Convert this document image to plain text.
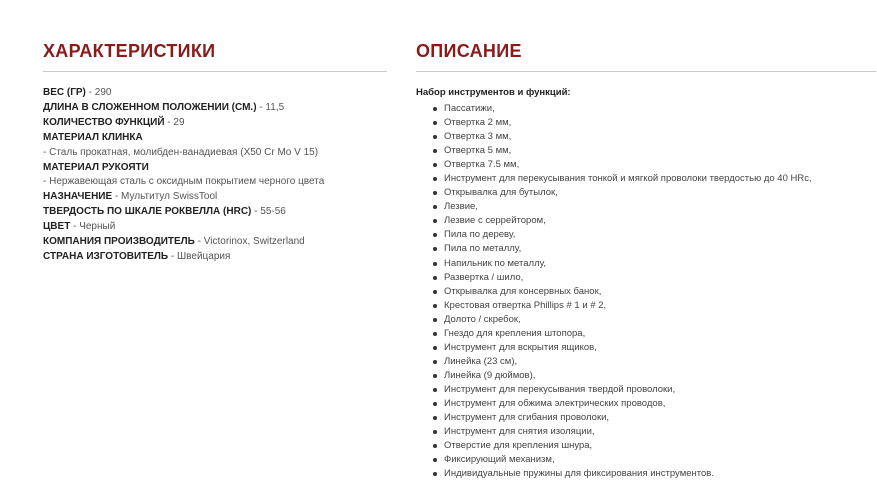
ХАРАКТЕРИСТИКИ
ВЕС (ГР) - 290
ДЛИНА В СЛОЖЕННОМ ПОЛОЖЕНИИ (СМ.) - 11,5
КОЛИЧЕСТВО ФУНКЦИЙ - 29
МАТЕРИАЛ КЛИНКА
- Сталь прокатная, молибден-ванадиевая (X50 Cr Mo V 15)
МАТЕРИАЛ РУКОЯТИ
- Нержавеющая сталь с оксидным покрытием черного цвета
НАЗНАЧЕНИЕ - Мультитул SwissTool
ТВЕРДОСТЬ ПО ШКАЛЕ РОКВЕЛЛА (HRC) - 55-56
ЦВЕТ - Черный
КОМПАНИЯ ПРОИЗВОДИТЕЛЬ - Victorinox, Switzerland
СТРАНА ИЗГОТОВИТЕЛЬ - Швейцария
ОПИСАНИЕ
Набор инструментов и функций:
Пассатижи,
Отвертка 2 мм,
Отвертка 3 мм,
Отвертка 5 мм,
Отвертка 7.5 мм,
Инструмент для перекусывания тонкой и мягкой проволоки твердостью до 40 HRc,
Открывалка для бутылок,
Лезвие,
Лезвие с серрейтором,
Пила по дереву,
Пила по металлу,
Напильник по металлу,
Развертка / шило,
Открывалка для консервных банок,
Крестовая отвертка Phillips # 1 и # 2,
Долото / скребок,
Гнездо для крепления штопора,
Инструмент для вскрытия ящиков,
Линейка (23 см),
Линейка (9 дюймов),
Инструмент для перекусывания твердой проволоки,
Инструмент для обжима электрических проводов,
Инструмент для сгибания проволоки,
Инструмент для снятия изоляции,
Отверстие для крепления шнура,
Фиксирующий механизм,
Индивидуальные пружины для фиксирования инструментов.
